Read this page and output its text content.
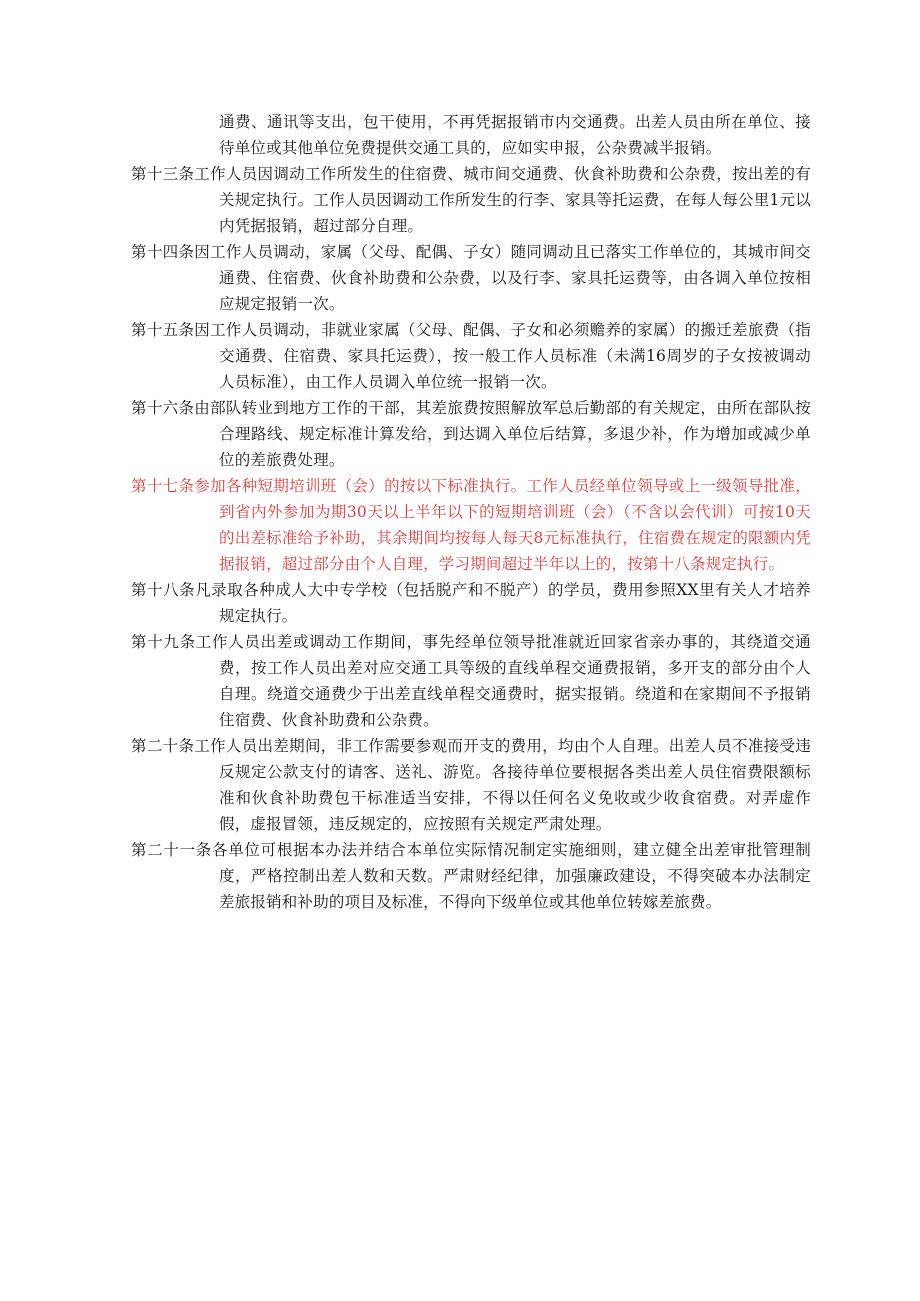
通费、通讯等支出，包干使用，不再凭据报销市内交通费。出差人员由所在单位、接待单位或其他单位免费提供交通工具的，应如实申报，公杂费减半报销。

第十三条工作人员因调动工作所发生的住宿费、城市间交通费、伙食补助费和公杂费，按出差的有关规定执行。工作人员因调动工作所发生的行李、家具等托运费，在每人每公里1元以内凭据报销，超过部分自理。

第十四条因工作人员调动，家属（父母、配偶、子女）随同调动且已落实工作单位的，其城市间交通费、住宿费、伙食补助费和公杂费，以及行李、家具托运费等，由各调入单位按相应规定报销一次。

第十五条因工作人员调动，非就业家属（父母、配偶、子女和必须赡养的家属）的搬迁差旅费（指交通费、住宿费、家具托运费），按一般工作人员标准（未满16周岁的子女按被调动人员标准），由工作人员调入单位统一报销一次。

第十六条由部队转业到地方工作的干部，其差旅费按照解放军总后勤部的有关规定，由所在部队按合理路线、规定标准计算发给，到达调入单位后结算，多退少补，作为增加或减少单位的差旅费处理。

第十七条参加各种短期培训班（会）的按以下标准执行。工作人员经单位领导或上一级领导批准，到省内外参加为期30天以上半年以下的短期培训班（会）（不含以会代训）可按10天的出差标准给予补助，其余期间均按每人每天8元标准执行，住宿费在规定的限额内凭据报销，超过部分由个人自理，学习期间超过半年以上的，按第十八条规定执行。

第十八条凡录取各种成人大中专学校（包括脱产和不脱产）的学员，费用参照XX里有关人才培养规定执行。

第十九条工作人员出差或调动工作期间，事先经单位领导批准就近回家省亲办事的，其绕道交通费，按工作人员出差对应交通工具等级的直线单程交通费报销，多开支的部分由个人自理。绕道交通费少于出差直线单程交通费时，据实报销。绕道和在家期间不予报销住宿费、伙食补助费和公杂费。

第二十条工作人员出差期间，非工作需要参观而开支的费用，均由个人自理。出差人员不准接受违反规定公款支付的请客、送礼、游览。各接待单位要根据各类出差人员住宿费限额标准和伙食补助费包干标准适当安排，不得以任何名义免收或少收食宿费。对弄虚作假，虚报冒领，违反规定的，应按照有关规定严肃处理。

第二十一条各单位可根据本办法并结合本单位实际情况制定实施细则，建立健全出差审批管理制度，严格控制出差人数和天数。严肃财经纪律，加强廉政建设，不得突破本办法制定差旅报销和补助的项目及标准，不得向下级单位或其他单位转嫁差旅费。
